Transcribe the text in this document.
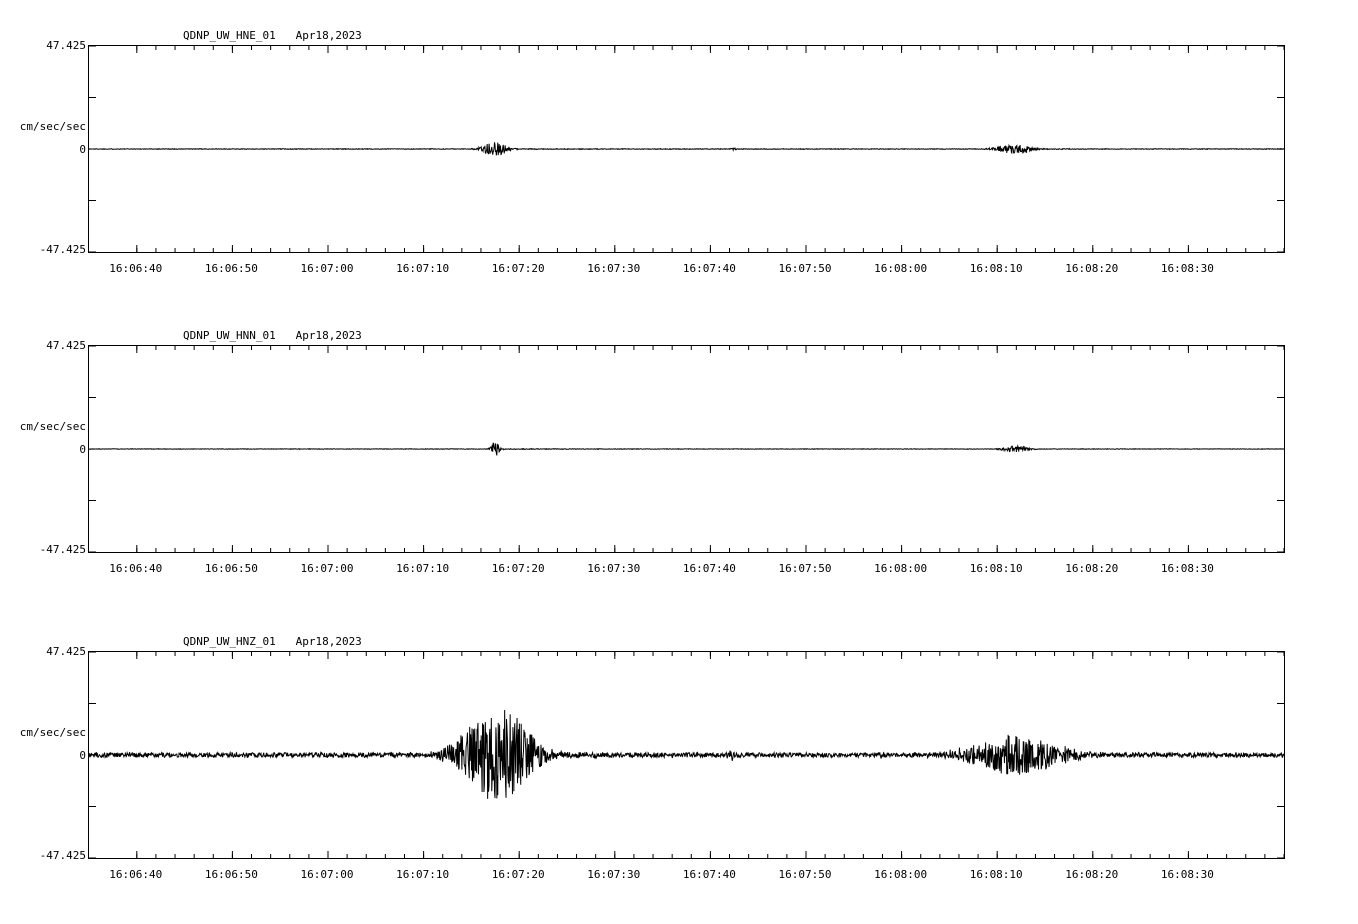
QDNP_UW_HNE_01   Apr18,2023
cm/sec/sec
47.425
0
-47.425
16:06:40	16:06:50	16:07:00	16:07:10	16:07:20	16:07:30	16:07:40	16:07:50	16:08:00	16:08:10	16:08:20	16:08:30
QDNP_UW_HNN_01   Apr18,2023
cm/sec/sec
47.425
0
-47.425
16:06:40	16:06:50	16:07:00	16:07:10	16:07:20	16:07:30	16:07:40	16:07:50	16:08:00	16:08:10	16:08:20	16:08:30
QDNP_UW_HNZ_01   Apr18,2023
cm/sec/sec
47.425
0
-47.425
16:06:40	16:06:50	16:07:00	16:07:10	16:07:20	16:07:30	16:07:40	16:07:50	16:08:00	16:08:10	16:08:20	16:08:30
